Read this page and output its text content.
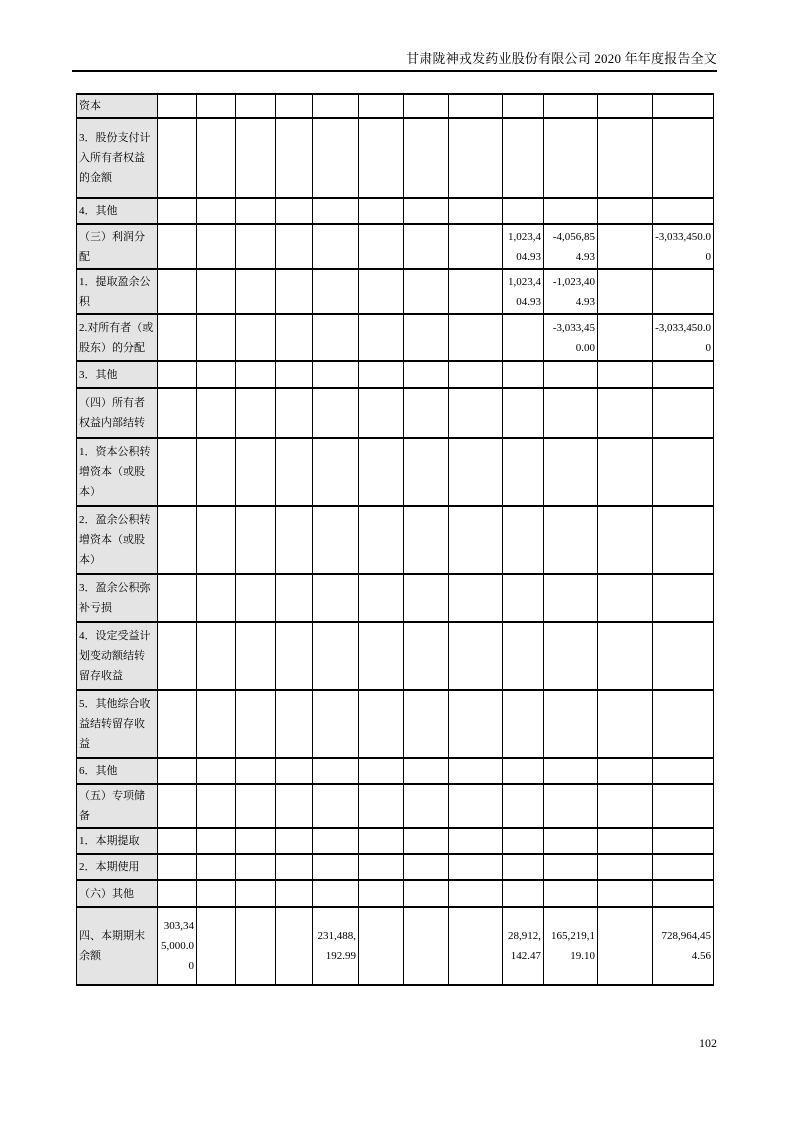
甘肃陇神戎发药业股份有限公司 2020 年年度报告全文
资本												
3．股份支付计入所有者权益的金额												
4．其他												
（三）利润分配									1,023,404.93	-4,056,854.93		-3,033,450.00
1．提取盈余公积									1,023,404.93	-1,023,404.93		
2.对所有者（或股东）的分配										-3,033,450.00		-3,033,450.00
3．其他												
（四）所有者权益内部结转												
1．资本公积转增资本（或股本）												
2．盈余公积转增资本（或股本）												
3．盈余公积弥补亏损												
4．设定受益计划变动额结转留存收益												
5．其他综合收益结转留存收益												
6．其他												
（五）专项储备												
1．本期提取												
2．本期使用												
（六）其他												
四、本期期末余额	303,345,000.00				231,488,192.99				28,912,142.47	165,219,119.10		728,964,454.56
102
